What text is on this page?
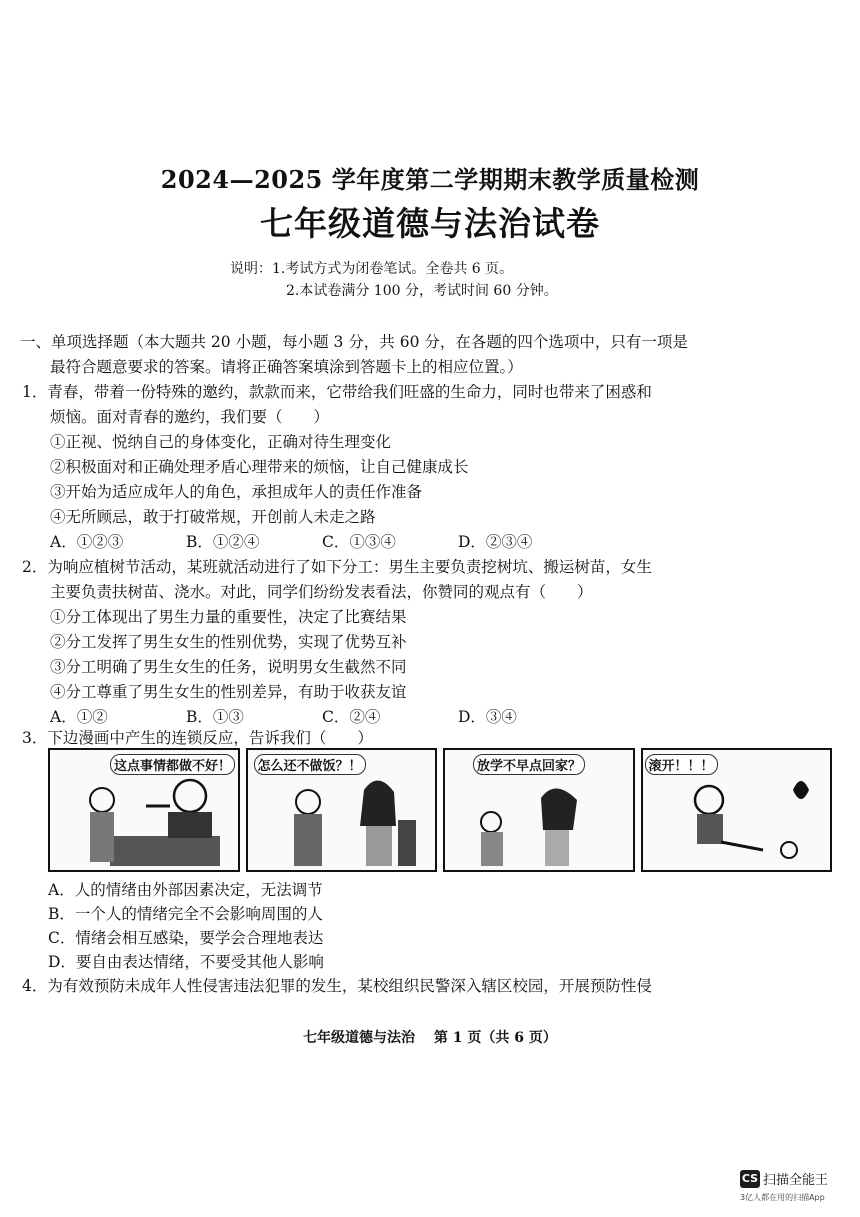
2024—2025 学年度第二学期期末教学质量检测
七年级道德与法治试卷
说明：1.考试方式为闭卷笔试。全卷共 6 页。
2.本试卷满分 100 分，考试时间 60 分钟。
一、单项选择题（本大题共 20 小题，每小题 3 分，共 60 分，在各题的四个选项中，只有一项是
最符合题意要求的答案。请将正确答案填涂到答题卡上的相应位置。）
1．青春，带着一份特殊的邀约，款款而来，它带给我们旺盛的生命力，同时也带来了困惑和
烦恼。面对青春的邀约，我们要（　　）
①正视、悦纳自己的身体变化，正确对待生理变化
②积极面对和正确处理矛盾心理带来的烦恼，让自己健康成长
③开始为适应成年人的角色，承担成年人的责任作准备
④无所顾忌，敢于打破常规，开创前人未走之路
A．①②③	B．①②④	C．①③④	D．②③④
2．为响应植树节活动，某班就活动进行了如下分工：男生主要负责挖树坑、搬运树苗，女生
主要负责扶树苗、浇水。对此，同学们纷纷发表看法，你赞同的观点有（　　）
①分工体现出了男生力量的重要性，决定了比赛结果
②分工发挥了男生女生的性别优势，实现了优势互补
③分工明确了男生女生的任务，说明男女生截然不同
④分工尊重了男生女生的性别差异，有助于收获友谊
A．①②	B．①③	C．②④	D．③④
3．下边漫画中产生的连锁反应，告诉我们（　　）
这点事情都做不好！	怎么还不做饭？！	放学不早点回家？	滚开！！！
A．人的情绪由外部因素决定，无法调节
B．一个人的情绪完全不会影响周围的人
C．情绪会相互感染，要学会合理地表达
D．要自由表达情绪，不要受其他人影响
4．为有效预防未成年人性侵害违法犯罪的发生，某校组织民警深入辖区校园，开展预防性侵
七年级道德与法治　 第 1 页（共 6 页）
CS 扫描全能王
3亿人都在用的扫描App
